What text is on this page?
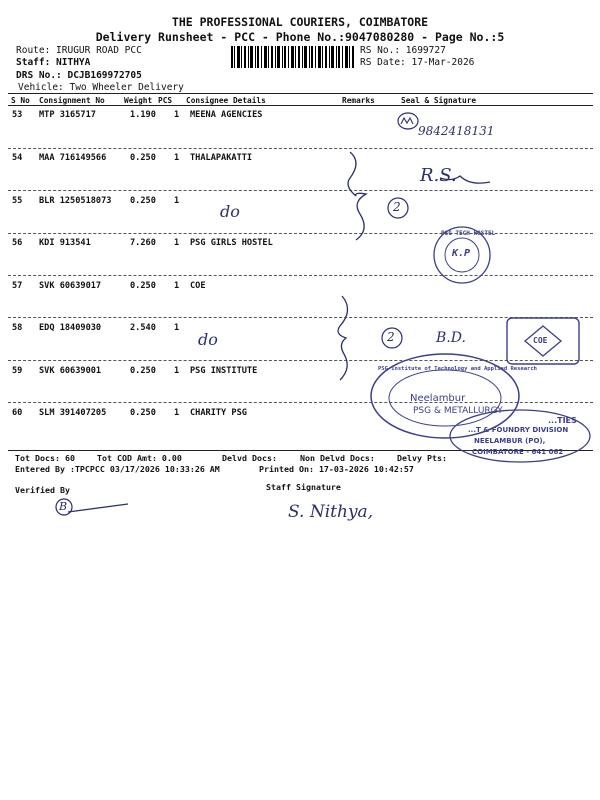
THE PROFESSIONAL COURIERS, COIMBATORE
Delivery Runsheet - PCC - Phone No.:9047080280 - Page No.:5
Route: IRUGUR ROAD PCC
Staff: NITHYA
DRS No.: DCJB169972705
Vehicle: Two Wheeler Delivery
RS No.: 1699727
RS Date: 17-Mar-2026
S No Consignment No Weight PCS Consignee Details	Remarks	Seal & Signature
53 MTP 3165717	1.190 1 MEENA AGENCIES
54 MAA 716149566	0.250 1 THALAPAKATTI
55 BLR 1250518073 0.250 1
56 KDI 913541	7.260 1 PSG GIRLS HOSTEL
57 SVK 60639017	0.250 1 COE
58 EDQ 18409030	2.540 1
59 SVK 60639001	0.250 1 PSG INSTITUTE
60 SLM 391407205	0.250 1 CHARITY PSG
9842418131
do
do
2
2
R.S.
B.D.
PSG TECH HOSTEL
K.P
COE
PSG Institute of Technology and Applied Research
Neelambur
PSG & METALLURGY
...TIES
...T & FOUNDRY DIVISION
NEELAMBUR (PO),
COIMBATORE - 641 062
Tot Docs: 60	Tot COD Amt: 0.00	Delvd Docs:	Non Delvd Docs:	Delvy Pts:
Entered By :TPCPCC 03/17/2026 10:33:26 AM	Printed On: 17-03-2026 10:42:57
Verified By	Staff Signature
B	S. Nithya,
